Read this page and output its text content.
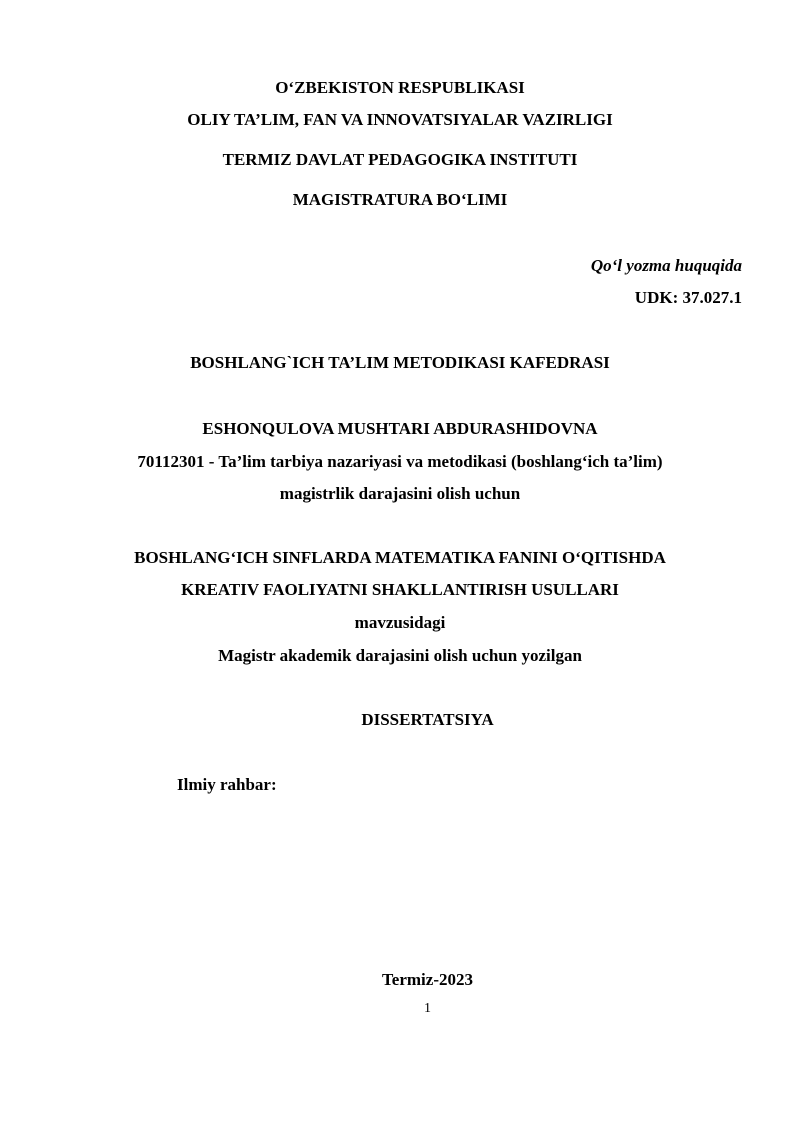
O‘ZBEKISTON RESPUBLIKASI
OLIY TA’LIM, FAN VA INNOVATSIYALAR VAZIRLIGI
TERMIZ DAVLAT PEDAGOGIKA INSTITUTI
MAGISTRATURA BO‘LIMI
Qo‘l yozma huquqida
UDK: 37.027.1
BOSHLANG`ICH TA’LIM METODIKASI KAFEDRASI
ESHONQULOVA MUSHTARI ABDURASHIDOVNA
70112301 - Ta’lim tarbiya nazariyasi va metodikasi (boshlang‘ich ta’lim)
magistrlik darajasini olish uchun
BOSHLANG‘ICH SINFLARDA MATEMATIKA FANINI O‘QITISHDA
KREATIV FAOLIYATNI SHAKLLANTIRISH USULLARI
mavzusidagi
Magistr akademik darajasini olish uchun yozilgan
DISSERTATSIYA
Ilmiy rahbar:
Termiz-2023
1
